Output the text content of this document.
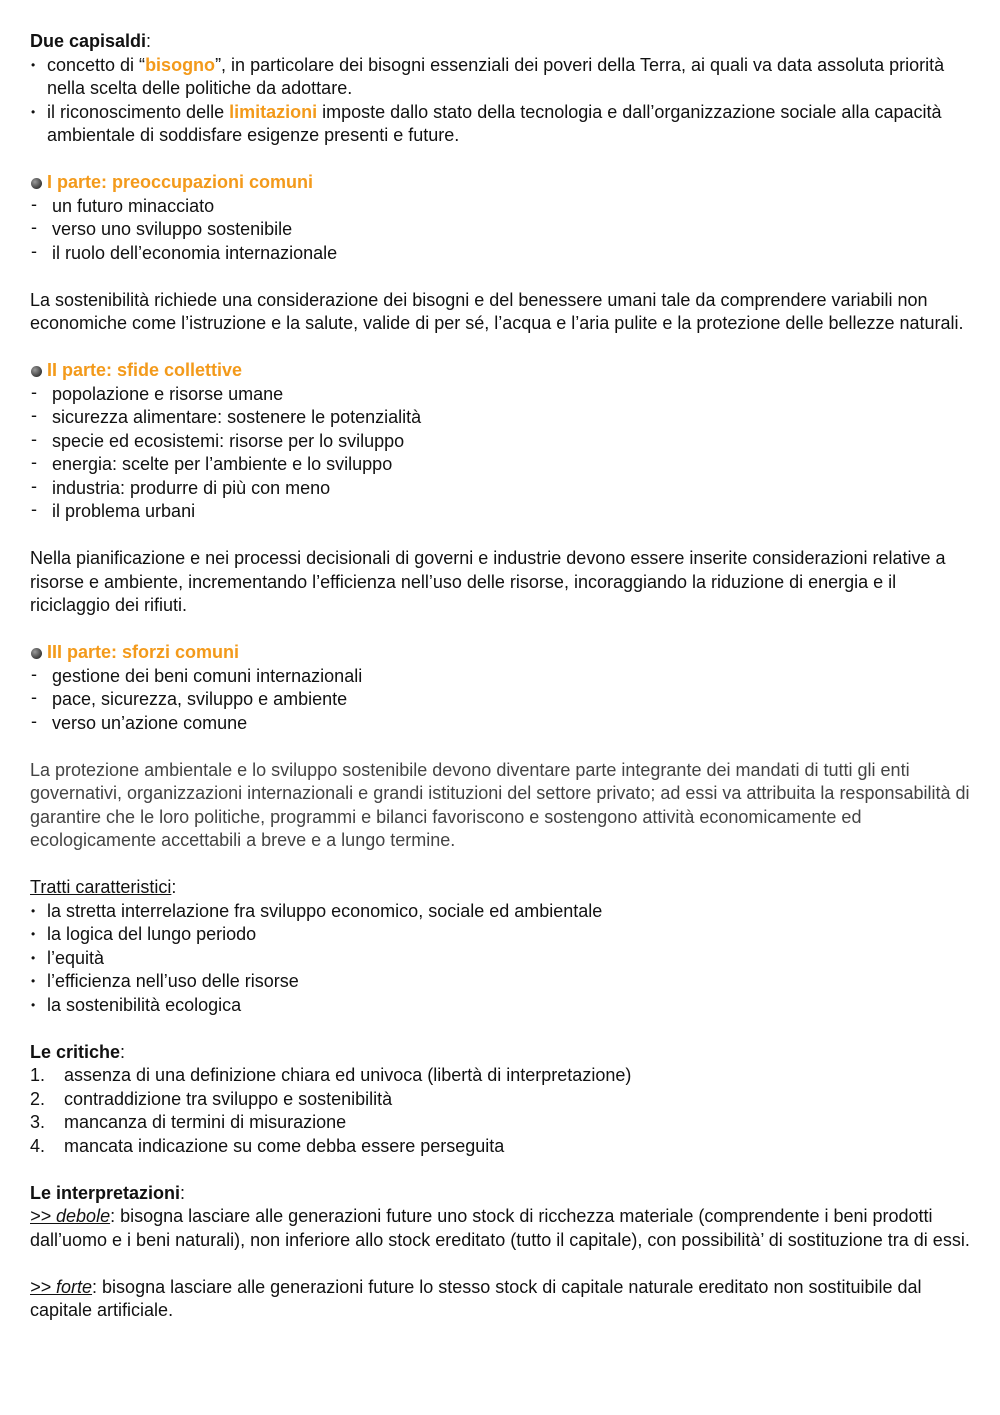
Due capisaldi:

• concetto di “bisogno”, in particolare dei bisogni essenziali dei poveri della Terra, ai quali va data assoluta priorità nella scelta delle politiche da adottare.

• il riconoscimento delle limitazioni imposte dallo stato della tecnologia e dall’organizzazione sociale alla capacità ambientale di soddisfare esigenze presenti e future.

I parte: preoccupazioni comuni

- un futuro minacciato

- verso uno sviluppo sostenibile

- il ruolo dell’economia internazionale

La sostenibilità richiede una considerazione dei bisogni e del benessere umani tale da comprendere variabili non economiche come l’istruzione e la salute, valide di per sé, l’acqua e l’aria pulite e la protezione delle bellezze naturali.

II parte: sfide collettive

- popolazione e risorse umane

- sicurezza alimentare: sostenere le potenzialità

- specie ed ecosistemi: risorse per lo sviluppo

- energia: scelte per l’ambiente e lo sviluppo

- industria: produrre di più con meno

- il problema urbani

Nella pianificazione e nei processi decisionali di governi e industrie devono essere inserite considerazioni relative a risorse e ambiente, incrementando l’efficienza nell’uso delle risorse, incoraggiando la riduzione di energia e il riciclaggio dei rifiuti.

III parte: sforzi comuni

- gestione dei beni comuni internazionali

- pace, sicurezza, sviluppo e ambiente

- verso un’azione comune

La protezione ambientale e lo sviluppo sostenibile devono diventare parte integrante dei mandati di tutti gli enti governativi, organizzazioni internazionali e grandi istituzioni del settore privato; ad essi va attribuita la responsabilità di garantire che le loro politiche, programmi e bilanci favoriscono e sostengono attività economicamente ed ecologicamente accettabili a breve e a lungo termine.

Tratti caratteristici:

• la stretta interrelazione fra sviluppo economico, sociale ed ambientale

• la logica del lungo periodo

• l’equità

• l’efficienza nell’uso delle risorse

• la sostenibilità ecologica

Le critiche:

1. assenza di una definizione chiara ed univoca (libertà di interpretazione)

2. contraddizione tra sviluppo e sostenibilità

3. mancanza di termini di misurazione

4. mancata indicazione su come debba essere perseguita

Le interpretazioni:

>> debole: bisogna lasciare alle generazioni future uno stock di ricchezza materiale (comprendente i beni prodotti dall’uomo e i beni naturali), non inferiore allo stock ereditato (tutto il capitale), con possibilità’ di sostituzione tra di essi.

>> forte: bisogna lasciare alle generazioni future lo stesso stock di capitale naturale ereditato non sostituibile dal capitale artificiale.
